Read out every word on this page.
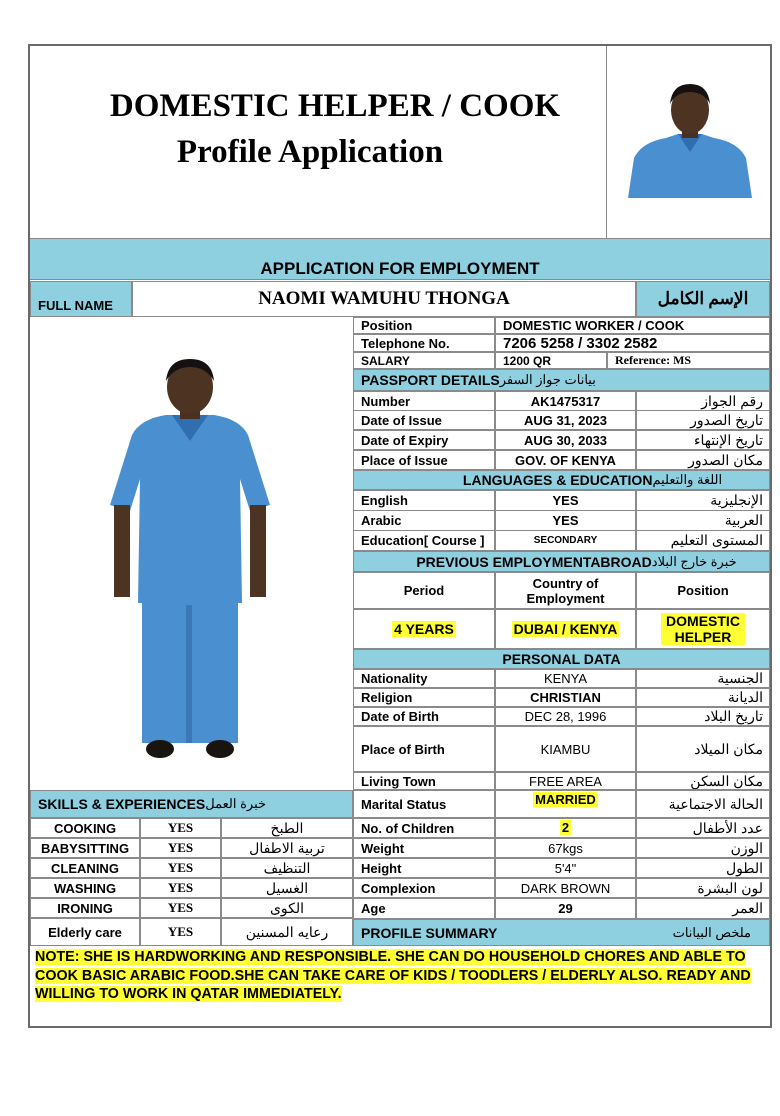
DOMESTIC HELPER / COOK
Profile Application
APPLICATION FOR EMPLOYMENT
FULL NAME	NAOMI WAMUHU THONGA	الإسم الكامل
Position	DOMESTIC WORKER / COOK
Telephone No.	7206 5258 / 3302 2582
SALARY	1200 QR	Reference: MS
PASSPORT DETAILS بيانات جواز السفر
Number	AK1475317	رقم الجواز
Date of Issue	AUG 31, 2023	تاريخ الصدور
Date of Expiry	AUG 30, 2033	تاريخ الإنتهاء
Place of Issue	GOV. OF KENYA	مكان الصدور
LANGUAGES & EDUCATION اللغة والتعليم
English	YES	الإنجليزية
Arabic	YES	العربية
Education[ Course ]	SECONDARY	المستوى التعليم
PREVIOUS EMPLOYMENTABROAD خبرة خارج البلاد
Period	Country of Employment	Position
4 YEARS	DUBAI / KENYA	DOMESTIC HELPER
PERSONAL DATA
Nationality	KENYA	الجنسية
Religion	CHRISTIAN	الديانة
Date of Birth	DEC 28, 1996	تاريخ البلاد
Place of Birth	KIAMBU	مكان الميلاد
Living Town	FREE AREA	مكان السكن
Marital Status	MARRIED	الحالة الاجتماعية
No. of Children	2	عدد الأطفال
Weight	67kgs	الوزن
Height	5'4"	الطول
Complexion	DARK BROWN	لون البشرة
Age	29	العمر
SKILLS & EXPERIENCES خبرة العمل
COOKING	YES	الطبخ
BABYSITTING	YES	تربية الاطفال
CLEANING	YES	التنظيف
WASHING	YES	الغسيل
IRONING	YES	الكوى
Elderly care	YES	رعايه المسنين	PROFILE SUMMARY	ملخص البيانات
NOTE: SHE IS HARDWORKING AND RESPONSIBLE. SHE CAN DO HOUSEHOLD CHORES AND ABLE TO COOK BASIC ARABIC FOOD.SHE CAN TAKE CARE OF KIDS / TOODLERS / ELDERLY ALSO. READY AND WILLING TO WORK IN QATAR IMMEDIATELY.
